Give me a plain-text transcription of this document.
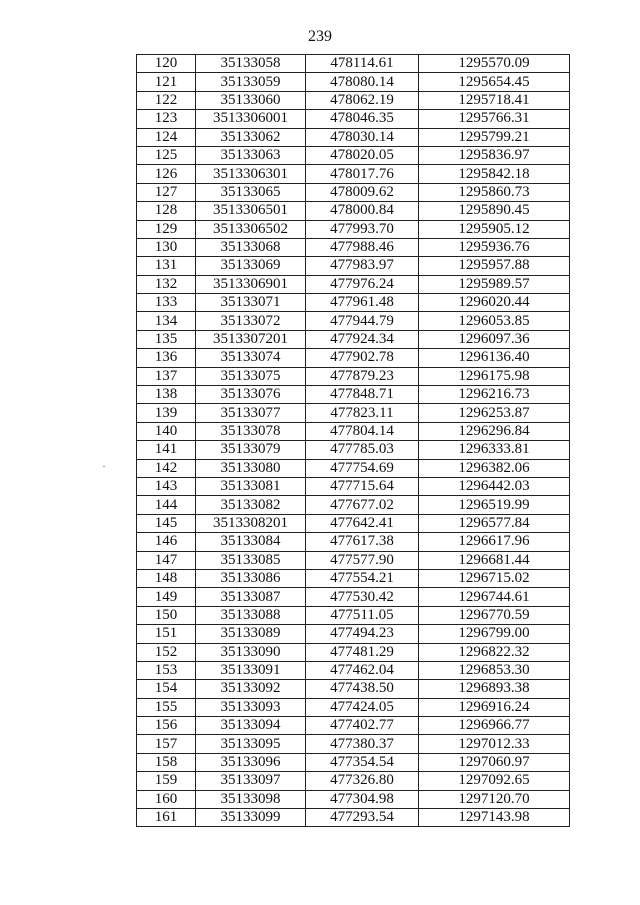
239
120	35133058	478114.61	1295570.09
121	35133059	478080.14	1295654.45
122	35133060	478062.19	1295718.41
123	3513306001	478046.35	1295766.31
124	35133062	478030.14	1295799.21
125	35133063	478020.05	1295836.97
126	3513306301	478017.76	1295842.18
127	35133065	478009.62	1295860.73
128	3513306501	478000.84	1295890.45
129	3513306502	477993.70	1295905.12
130	35133068	477988.46	1295936.76
131	35133069	477983.97	1295957.88
132	3513306901	477976.24	1295989.57
133	35133071	477961.48	1296020.44
134	35133072	477944.79	1296053.85
135	3513307201	477924.34	1296097.36
136	35133074	477902.78	1296136.40
137	35133075	477879.23	1296175.98
138	35133076	477848.71	1296216.73
139	35133077	477823.11	1296253.87
140	35133078	477804.14	1296296.84
141	35133079	477785.03	1296333.81
142	35133080	477754.69	1296382.06
143	35133081	477715.64	1296442.03
144	35133082	477677.02	1296519.99
145	3513308201	477642.41	1296577.84
146	35133084	477617.38	1296617.96
147	35133085	477577.90	1296681.44
148	35133086	477554.21	1296715.02
149	35133087	477530.42	1296744.61
150	35133088	477511.05	1296770.59
151	35133089	477494.23	1296799.00
152	35133090	477481.29	1296822.32
153	35133091	477462.04	1296853.30
154	35133092	477438.50	1296893.38
155	35133093	477424.05	1296916.24
156	35133094	477402.77	1296966.77
157	35133095	477380.37	1297012.33
158	35133096	477354.54	1297060.97
159	35133097	477326.80	1297092.65
160	35133098	477304.98	1297120.70
161	35133099	477293.54	1297143.98
